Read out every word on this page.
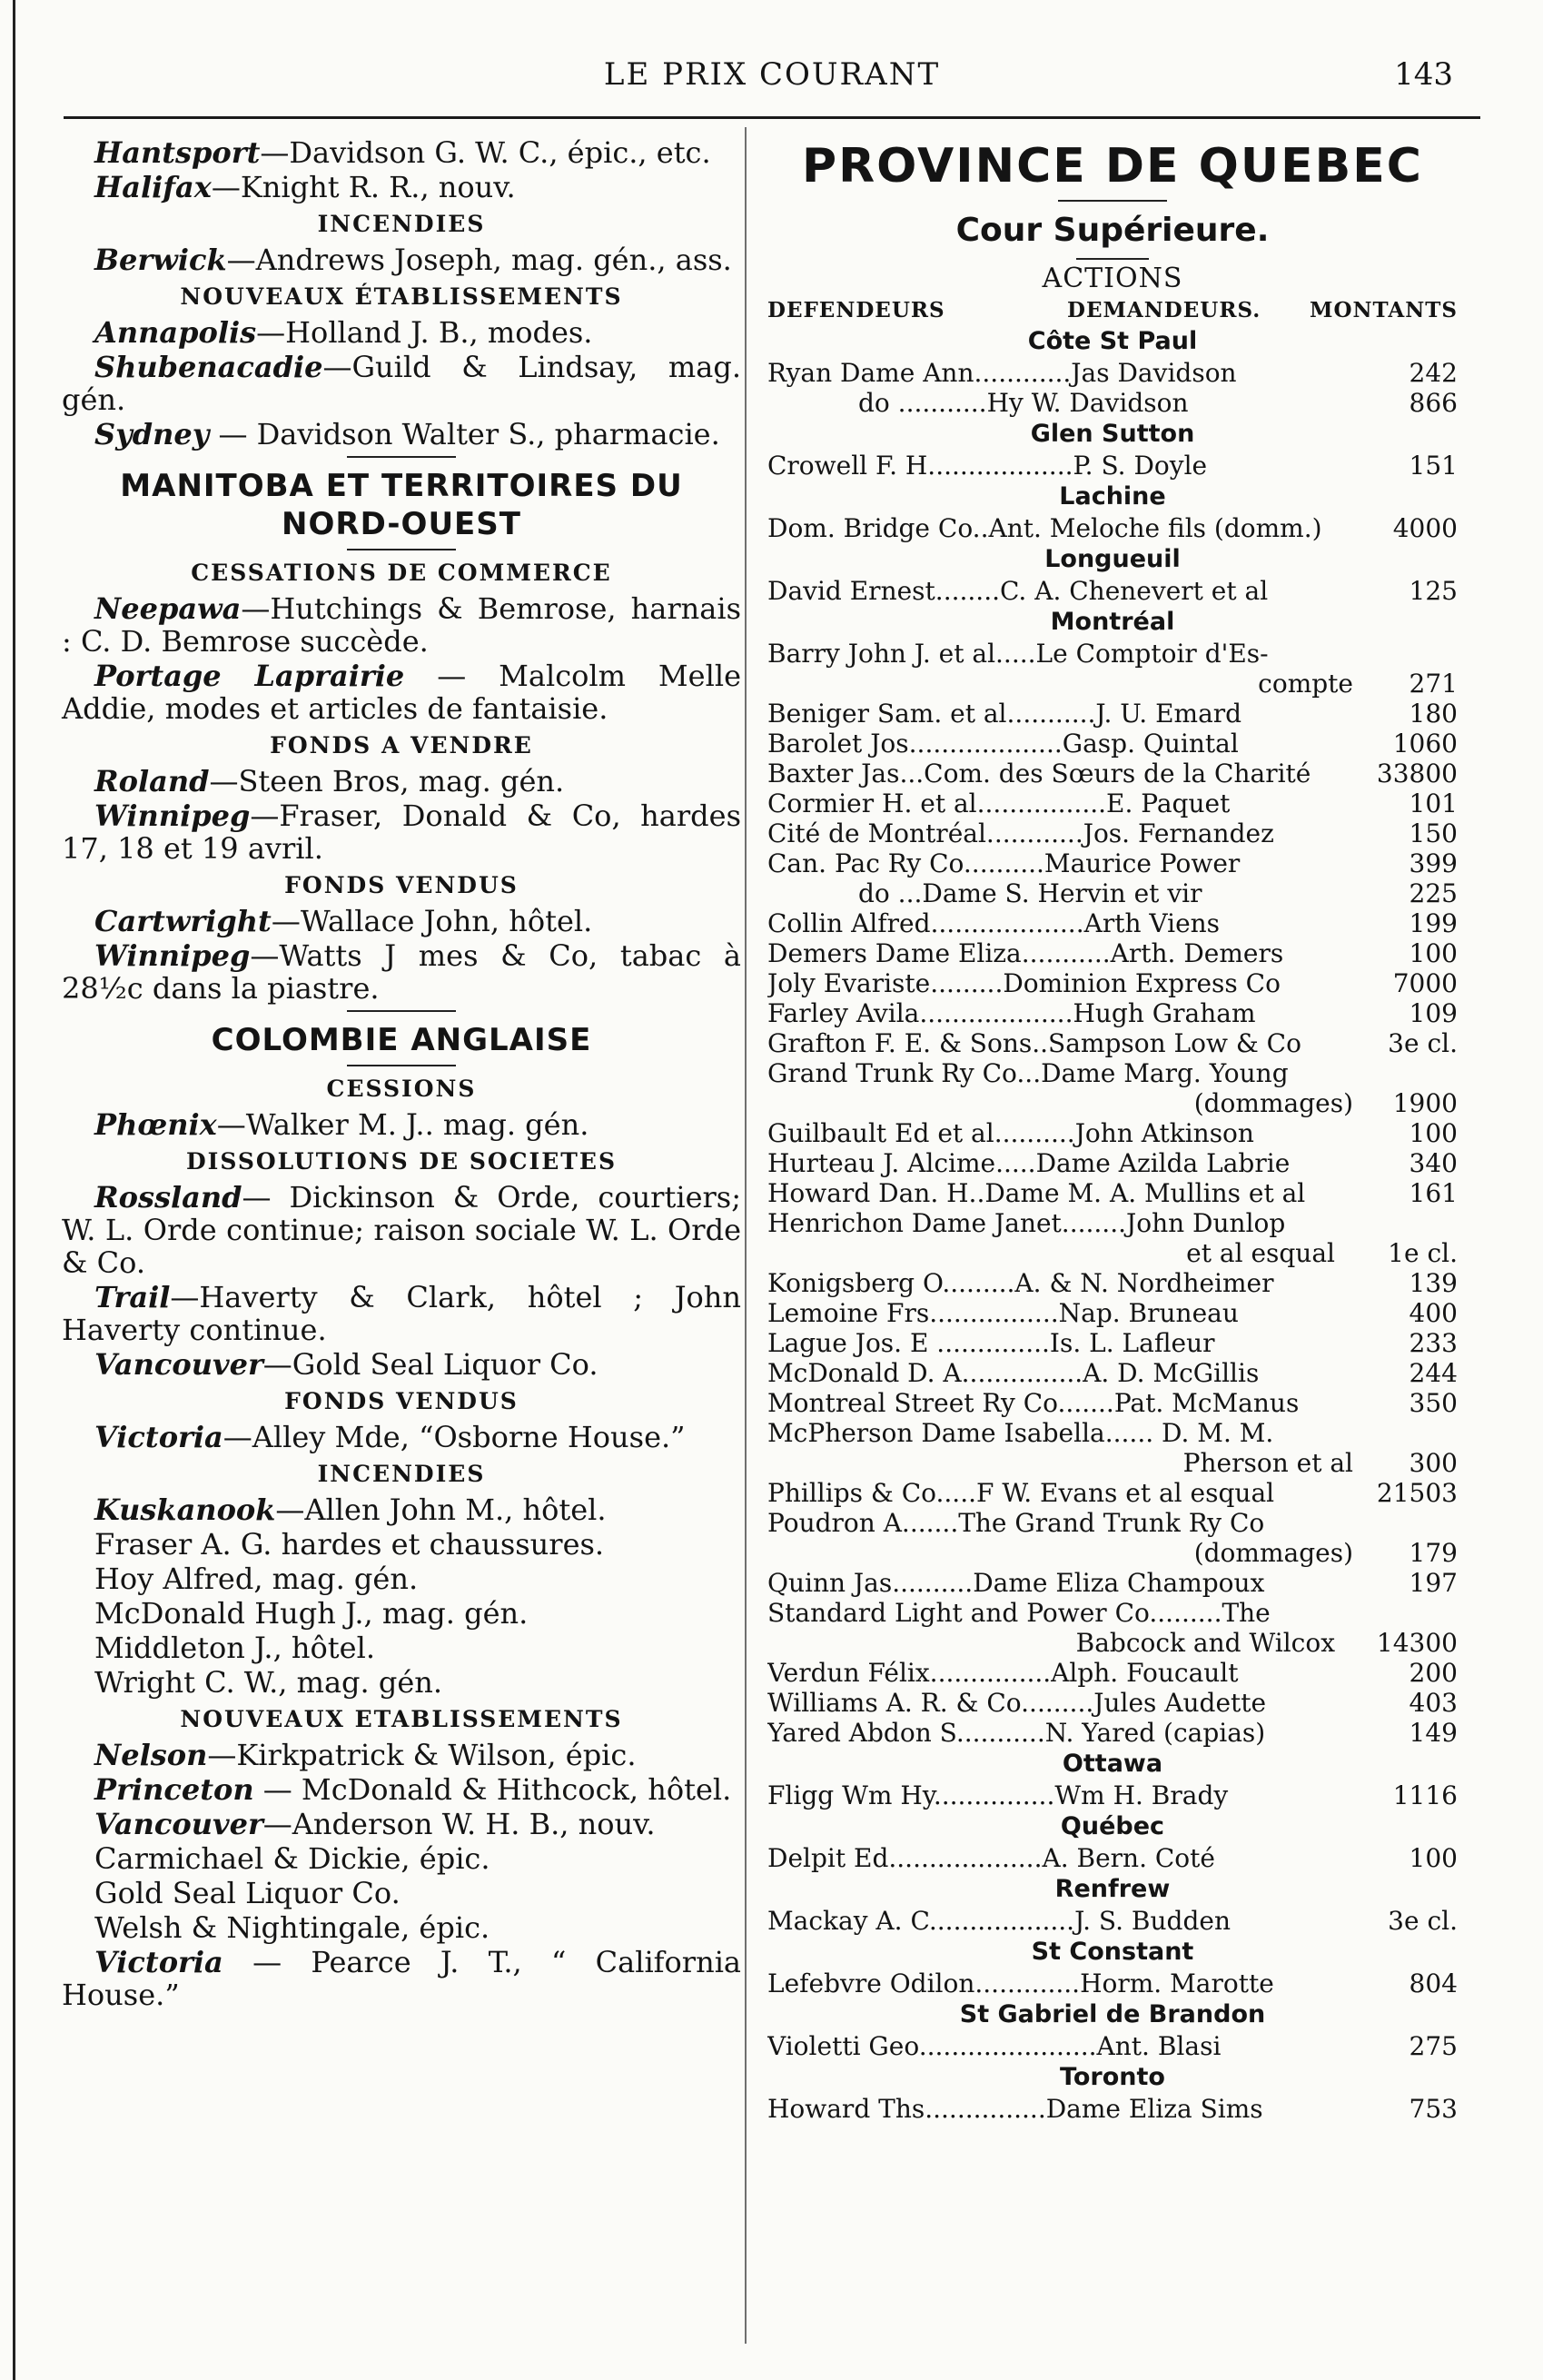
LE PRIX COURANT	143
Hantsport—Davidson G. W. C., épic., etc.
Halifax—Knight R. R., nouv.
INCENDIES
Berwick—Andrews Joseph, mag. gén., ass.
NOUVEAUX ÉTABLISSEMENTS
Annapolis—Holland J. B., modes.
Shubenacadie—Guild & Lindsay, mag. gén.
Sydney — Davidson Walter S., pharmacie.
MANITOBA ET TERRITOIRES DU NORD-OUEST
CESSATIONS DE COMMERCE
Neepawa—Hutchings & Bemrose, harnais : C. D. Bemrose succède.
Portage Laprairie — Malcolm Melle Addie, modes et articles de fantaisie.
FONDS A VENDRE
Roland—Steen Bros, mag. gén.
Winnipeg—Fraser, Donald & Co, hardes 17, 18 et 19 avril.
FONDS VENDUS
Cartwright—Wallace John, hôtel.
Winnipeg—Watts J mes & Co, tabac à 28½c dans la piastre.
COLOMBIE ANGLAISE
CESSIONS
Phœnix—Walker M. J.. mag. gén.
DISSOLUTIONS DE SOCIETES
Rossland— Dickinson & Orde, courtiers; W. L. Orde continue; raison sociale W. L. Orde & Co.
Trail—Haverty & Clark, hôtel ; John Haverty continue.
Vancouver—Gold Seal Liquor Co.
FONDS VENDUS
Victoria—Alley Mde, “Osborne House.”
INCENDIES
Kuskanook—Allen John M., hôtel.
Fraser A. G. hardes et chaussures.
Hoy Alfred, mag. gén.
McDonald Hugh J., mag. gén.
Middleton J., hôtel.
Wright C. W., mag. gén.
NOUVEAUX ETABLISSEMENTS
Nelson—Kirkpatrick & Wilson, épic.
Princeton — McDonald & Hithcock, hôtel.
Vancouver—Anderson W. H. B., nouv.
Carmichael & Dickie, épic.
Gold Seal Liquor Co.
Welsh & Nightingale, épic.
Victoria — Pearce J. T., “ California House.”
PROVINCE DE QUEBEC
Cour Supérieure.
ACTIONS
DEFENDEURS	DEMANDEURS. MONTANTS
Côte St Paul
Ryan Dame Ann............Jas Davidson	242
do ...........Hy W. Davidson	866
Glen Sutton
Crowell F. H..................P. S. Doyle	151
Lachine
Dom. Bridge Co..Ant. Meloche fils (domm.)	4000
Longueuil
David Ernest........C. A. Chenevert et al	125
Montréal
Barry John J. et al.....Le Comptoir d'Es-
compte	271
Beniger Sam. et al...........J. U. Emard	180
Barolet Jos...................Gasp. Quintal	1060
Baxter Jas...Com. des Sœurs de la Charité	33800
Cormier H. et al................E. Paquet	101
Cité de Montréal............Jos. Fernandez	150
Can. Pac Ry Co..........Maurice Power	399
do ...Dame S. Hervin et vir	225
Collin Alfred...................Arth Viens	199
Demers Dame Eliza...........Arth. Demers	100
Joly Evariste.........Dominion Express Co	7000
Farley Avila...................Hugh Graham	109
Grafton F. E. & Sons..Sampson Low & Co	3e cl.
Grand Trunk Ry Co...Dame Marg. Young
(dommages)	1900
Guilbault Ed et al..........John Atkinson	100
Hurteau J. Alcime.....Dame Azilda Labrie	340
Howard Dan. H..Dame M. A. Mullins et al	161
Henrichon Dame Janet........John Dunlop
et al esqual	1e cl.
Konigsberg O.........A. & N. Nordheimer	139
Lemoine Frs................Nap. Bruneau	400
Lague Jos. E ..............Is. L. Lafleur	233
McDonald D. A...............A. D. McGillis	244
Montreal Street Ry Co.......Pat. McManus	350
McPherson Dame Isabella...... D. M. M.
Pherson et al	300
Phillips & Co.....F W. Evans et al esqual	21503
Poudron A.......The Grand Trunk Ry Co
(dommages)	179
Quinn Jas..........Dame Eliza Champoux	197
Standard Light and Power Co.........The
Babcock and Wilcox	14300
Verdun Félix...............Alph. Foucault	200
Williams A. R. & Co.........Jules Audette	403
Yared Abdon S...........N. Yared (capias)	149
Ottawa
Fligg Wm Hy...............Wm H. Brady	1116
Québec
Delpit Ed...................A. Bern. Coté	100
Renfrew
Mackay A. C..................J. S. Budden	3e cl.
St Constant
Lefebvre Odilon.............Horm. Marotte	804
St Gabriel de Brandon
Violetti Geo......................Ant. Blasi	275
Toronto
Howard Ths...............Dame Eliza Sims	753
